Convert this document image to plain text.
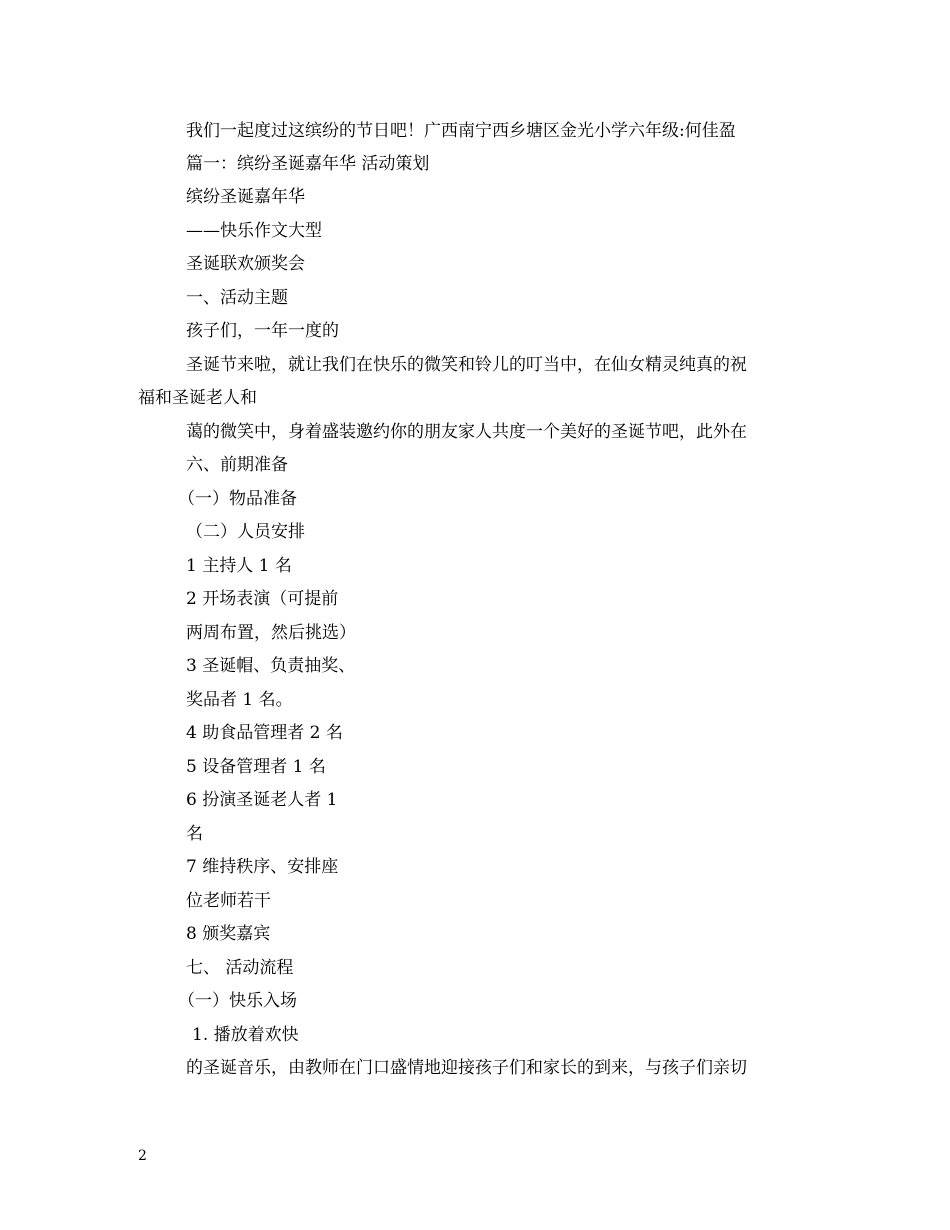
我们一起度过这缤纷的节日吧！广西南宁西乡塘区金光小学六年级:何佳盈
篇一：缤纷圣诞嘉年华 活动策划
缤纷圣诞嘉年华
——快乐作文大型
圣诞联欢颁奖会
一、活动主题
孩子们，一年一度的
圣诞节来啦，就让我们在快乐的微笑和铃儿的叮当中，在仙女精灵纯真的祝
福和圣诞老人和
蔼的微笑中，身着盛装邀约你的朋友家人共度一个美好的圣诞节吧，此外在
六、前期准备
（一）物品准备
（二）人员安排
1 主持人 1 名
2 开场表演（可提前
两周布置，然后挑选）
3 圣诞帽、负责抽奖、
奖品者 1 名。
4 助食品管理者 2 名
5 设备管理者 1 名
6 扮演圣诞老人者 1
名
7 维持秩序、安排座
位老师若干
8 颁奖嘉宾
七、 活动流程
（一）快乐入场
1. 播放着欢快
的圣诞音乐，由教师在门口盛情地迎接孩子们和家长的到来，与孩子们亲切
2
